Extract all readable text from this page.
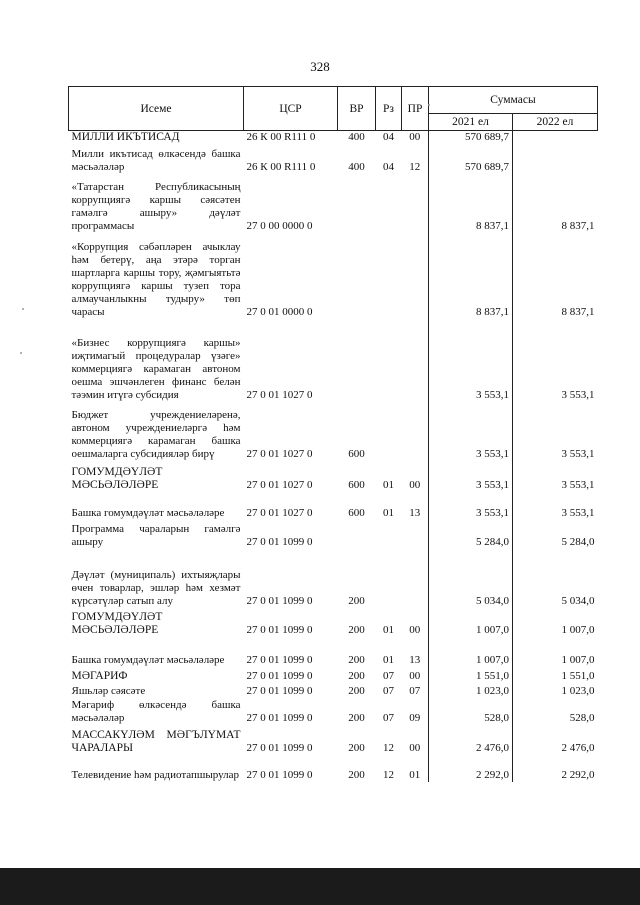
328
Исеме	ЦСР	ВР	Рз	ПР	Суммасы	
					2021 ел	2022 ел
МИЛЛИ ИКЪТИСАД	26 К 00 R111 0	400	04	00	570 689,7	
Милли икътисад өлкәсендә башка мәсьәләләр	26 К 00 R111 0	400	04	12	570 689,7	
«Татарстан Республикасының коррупциягә каршы сәясәтен гамәлгә ашыру» дәүләт программасы	27 0 00 0000 0				8 837,1	8 837,1
«Коррупция сәбәпләрен ачыклау һәм бетерү, аңа этәрә торган шартларга каршы тору, җәмгыятьтә коррупциягә каршы тузеп тора алмаучанлыкны тудыру» төп чарасы	27 0 01 0000 0				8 837,1	8 837,1
«Бизнес коррупциягә каршы» иҗтимагый процедуралар үзәге» коммерциягә карамаган автоном оешма эшчәнлеген финанс белән тәэмин итүгә субсидия	27 0 01 1027 0				3 553,1	3 553,1
Бюджет учреждениеләренә, автоном учреждениеләргә һәм коммерциягә карамаган башка оешмаларга субсидияләр бирү	27 0 01 1027 0	600			3 553,1	3 553,1
ГОМУМДӘҮЛӘТ МӘСЬӘЛӘЛӘРЕ	27 0 01 1027 0	600	01	00	3 553,1	3 553,1
Башка гомумдәүләт мәсьәләләре	27 0 01 1027 0	600	01	13	3 553,1	3 553,1
Программа чараларын гамәлгә ашыру	27 0 01 1099 0				5 284,0	5 284,0
Дәүләт (муниципаль) ихтыяҗлары өчен товарлар, эшләр һәм хезмәт күрсәтүләр сатып алу	27 0 01 1099 0	200			5 034,0	5 034,0
ГОМУМДӘҮЛӘТ МӘСЬӘЛӘЛӘРЕ	27 0 01 1099 0	200	01	00	1 007,0	1 007,0
Башка гомумдәүләт мәсьәләләре	27 0 01 1099 0	200	01	13	1 007,0	1 007,0
МӘГАРИФ	27 0 01 1099 0	200	07	00	1 551,0	1 551,0
Яшьләр сәясәте	27 0 01 1099 0	200	07	07	1 023,0	1 023,0
Мәгариф өлкәсендә башка мәсьәләләр	27 0 01 1099 0	200	07	09	528,0	528,0
МАССАКҮЛӘМ МӘГЪЛҮМАТ ЧАРАЛАРЫ	27 0 01 1099 0	200	12	00	2 476,0	2 476,0
Телевидение һәм радиотапшырулар	27 0 01 1099 0	200	12	01	2 292,0	2 292,0
